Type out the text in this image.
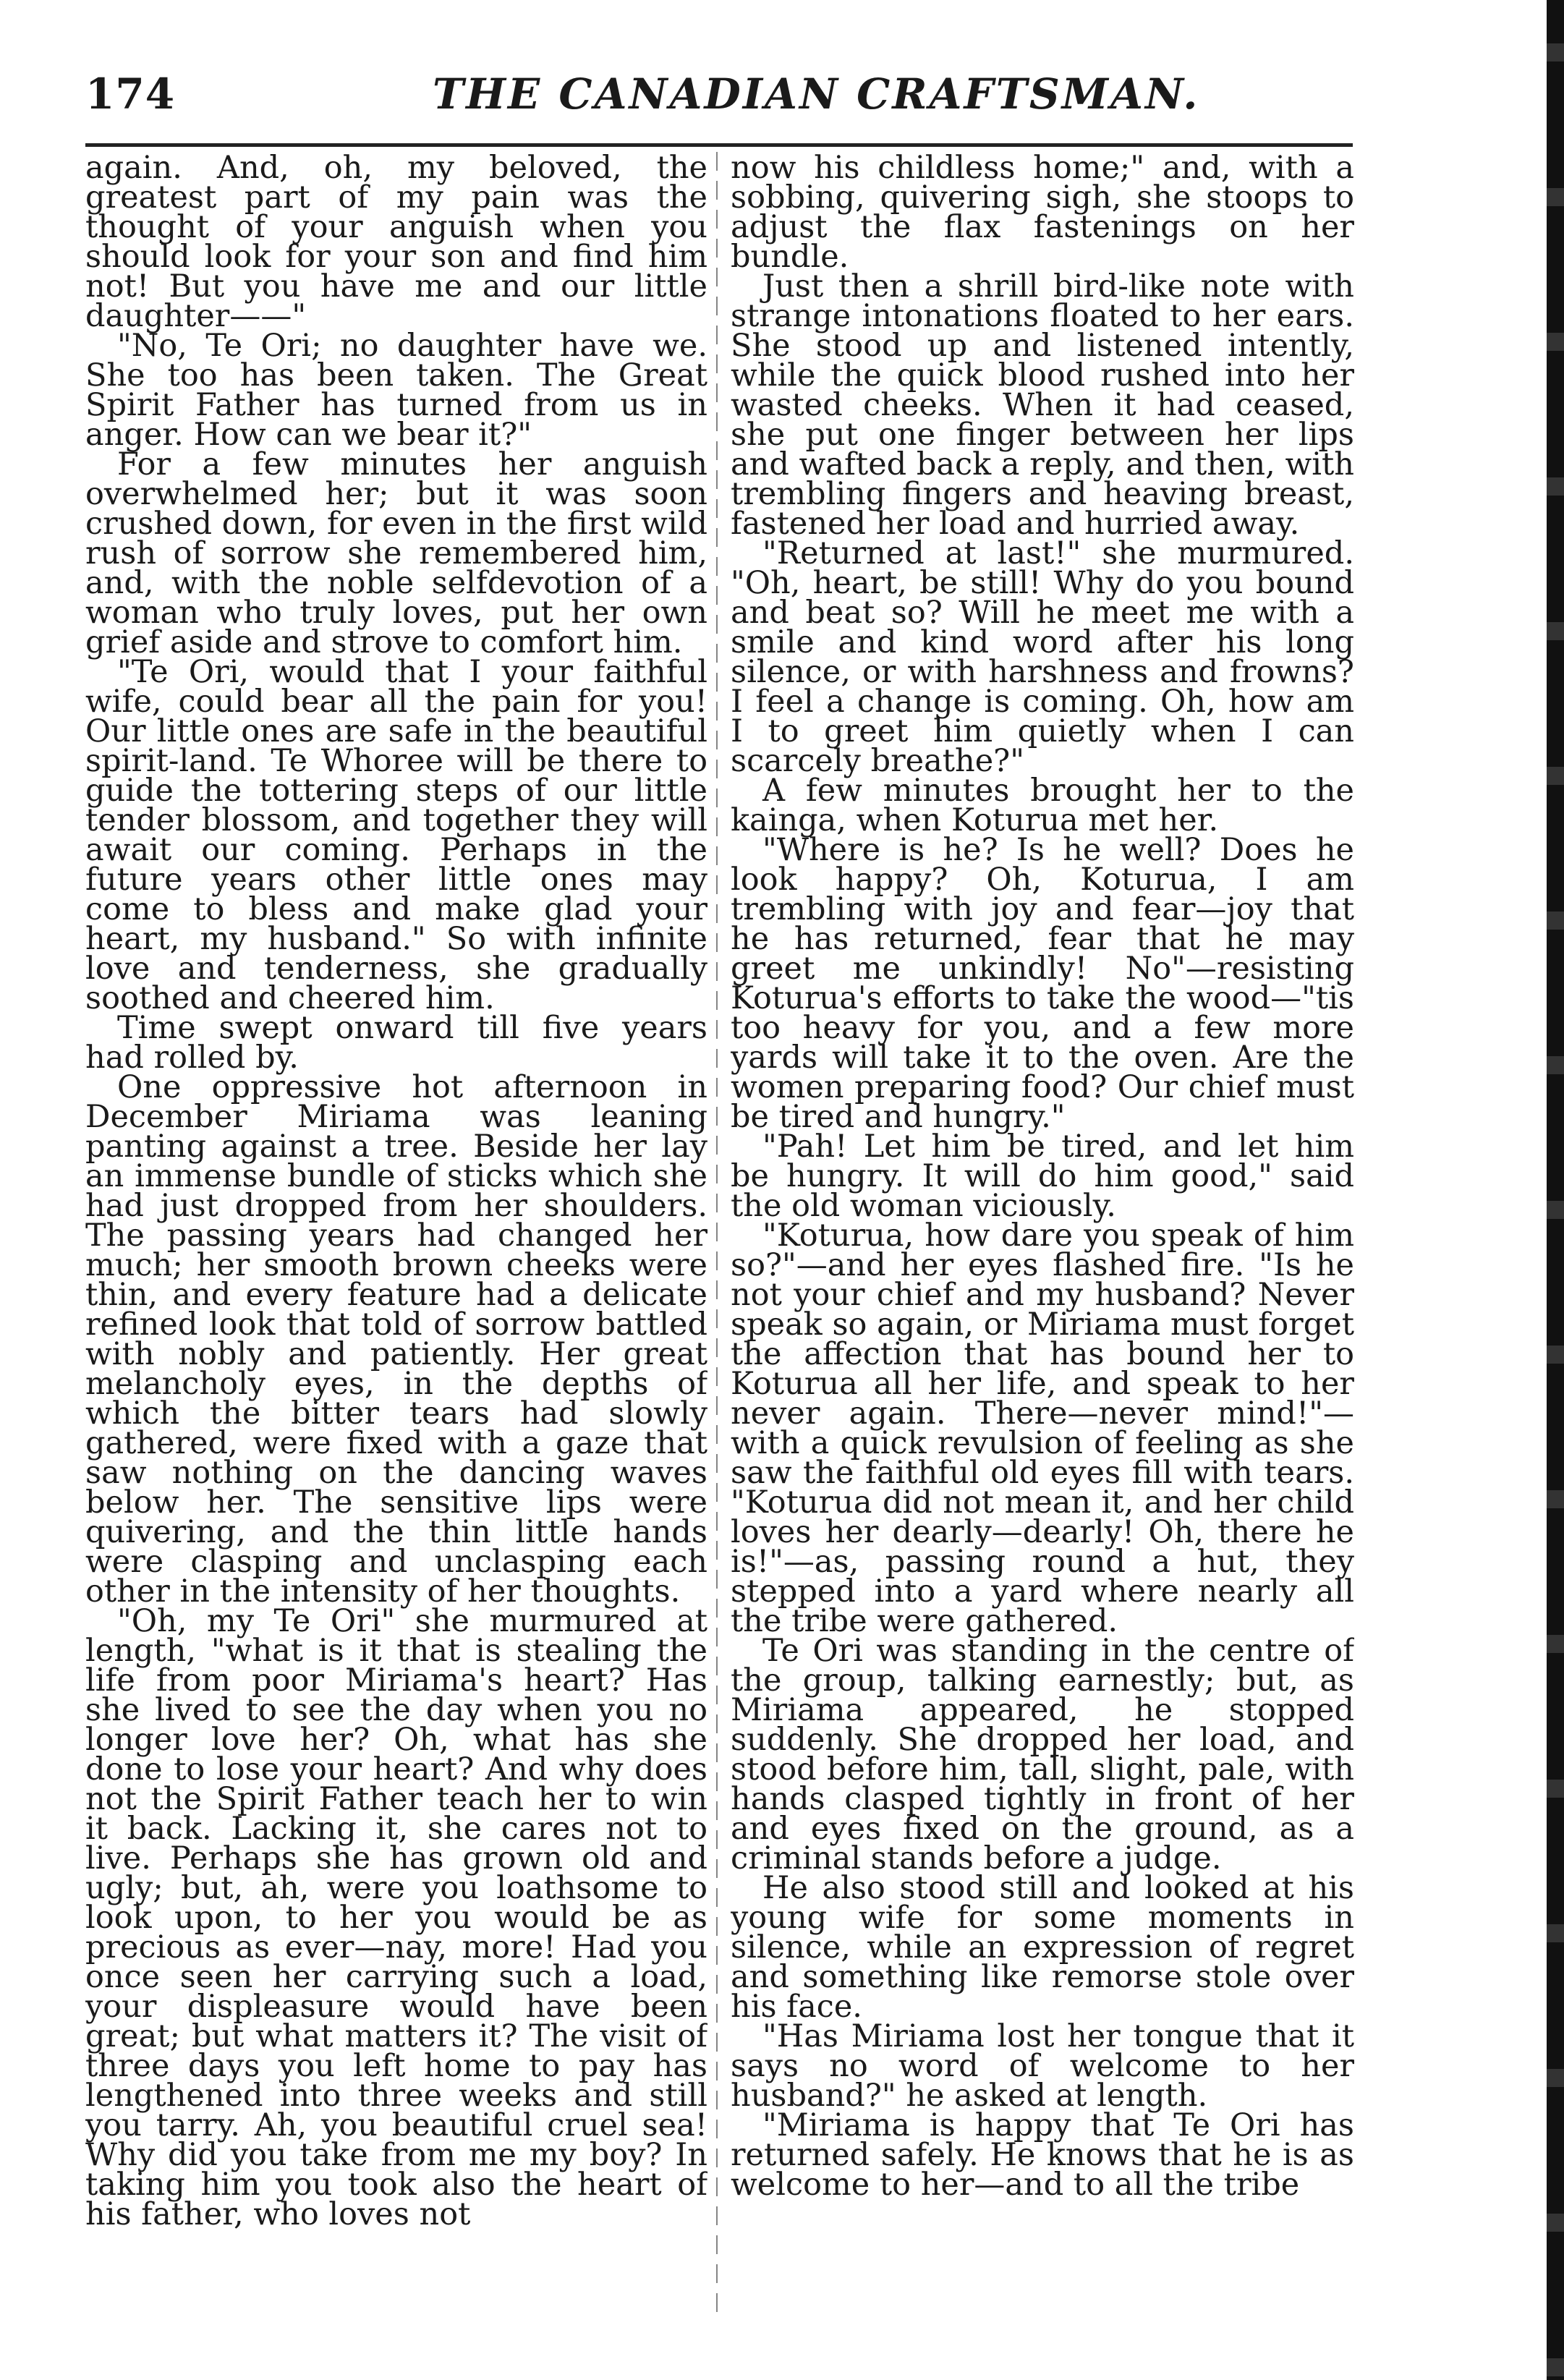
174	THE CANADIAN CRAFTSMAN.

again. And, oh, my beloved, the greatest part of my pain was the thought of your anguish when you should look for your son and find him not! But you have me and our little daughter——"

"No, Te Ori; no daughter have we. She too has been taken. The Great Spirit Father has turned from us in anger. How can we bear it?"

For a few minutes her anguish overwhelmed her; but it was soon crushed down, for even in the first wild rush of sorrow she remembered him, and, with the noble selfdevotion of a woman who truly loves, put her own grief aside and strove to comfort him.

"Te Ori, would that I your faithful wife, could bear all the pain for you! Our little ones are safe in the beautiful spirit-land. Te Whoree will be there to guide the tottering steps of our little tender blossom, and together they will await our coming. Perhaps in the future years other little ones may come to bless and make glad your heart, my husband." So with infinite love and tenderness, she gradually soothed and cheered him.

Time swept onward till five years had rolled by.

One oppressive hot afternoon in December Miriama was leaning panting against a tree. Beside her lay an immense bundle of sticks which she had just dropped from her shoulders. The passing years had changed her much; her smooth brown cheeks were thin, and every feature had a delicate refined look that told of sorrow battled with nobly and patiently. Her great melancholy eyes, in the depths of which the bitter tears had slowly gathered, were fixed with a gaze that saw nothing on the dancing waves below her. The sensitive lips were quivering, and the thin little hands were clasping and unclasping each other in the intensity of her thoughts.

"Oh, my Te Ori" she murmured at length, "what is it that is stealing the life from poor Miriama's heart? Has she lived to see the day when you no longer love her? Oh, what has she done to lose your heart? And why does not the Spirit Father teach her to win it back. Lacking it, she cares not to live. Perhaps she has grown old and ugly; but, ah, were you loathsome to look upon, to her you would be as precious as ever—nay, more! Had you once seen her carrying such a load, your displeasure would have been great; but what matters it? The visit of three days you left home to pay has lengthened into three weeks and still you tarry. Ah, you beautiful cruel sea! Why did you take from me my boy? In taking him you took also the heart of his father, who loves not

now his childless home;" and, with a sobbing, quivering sigh, she stoops to adjust the flax fastenings on her bundle.

Just then a shrill bird-like note with strange intonations floated to her ears. She stood up and listened intently, while the quick blood rushed into her wasted cheeks. When it had ceased, she put one finger between her lips and wafted back a reply, and then, with trembling fingers and heaving breast, fastened her load and hurried away.

"Returned at last!" she murmured. "Oh, heart, be still! Why do you bound and beat so? Will he meet me with a smile and kind word after his long silence, or with harshness and frowns? I feel a change is coming. Oh, how am I to greet him quietly when I can scarcely breathe?"

A few minutes brought her to the kainga, when Koturua met her.

"Where is he? Is he well? Does he look happy? Oh, Koturua, I am trembling with joy and fear—joy that he has returned, fear that he may greet me unkindly! No"—resisting Koturua's efforts to take the wood—"tis too heavy for you, and a few more yards will take it to the oven. Are the women preparing food? Our chief must be tired and hungry."

"Pah! Let him be tired, and let him be hungry. It will do him good," said the old woman viciously.

"Koturua, how dare you speak of him so?"—and her eyes flashed fire. "Is he not your chief and my husband? Never speak so again, or Miriama must forget the affection that has bound her to Koturua all her life, and speak to her never again. There—never mind!"—with a quick revulsion of feeling as she saw the faithful old eyes fill with tears. "Koturua did not mean it, and her child loves her dearly—dearly! Oh, there he is!"—as, passing round a hut, they stepped into a yard where nearly all the tribe were gathered.

Te Ori was standing in the centre of the group, talking earnestly; but, as Miriama appeared, he stopped suddenly. She dropped her load, and stood before him, tall, slight, pale, with hands clasped tightly in front of her and eyes fixed on the ground, as a criminal stands before a judge.

He also stood still and looked at his young wife for some moments in silence, while an expression of regret and something like remorse stole over his face.

"Has Miriama lost her tongue that it says no word of welcome to her husband?" he asked at length.

"Miriama is happy that Te Ori has returned safely. He knows that he is as welcome to her—and to all the tribe
